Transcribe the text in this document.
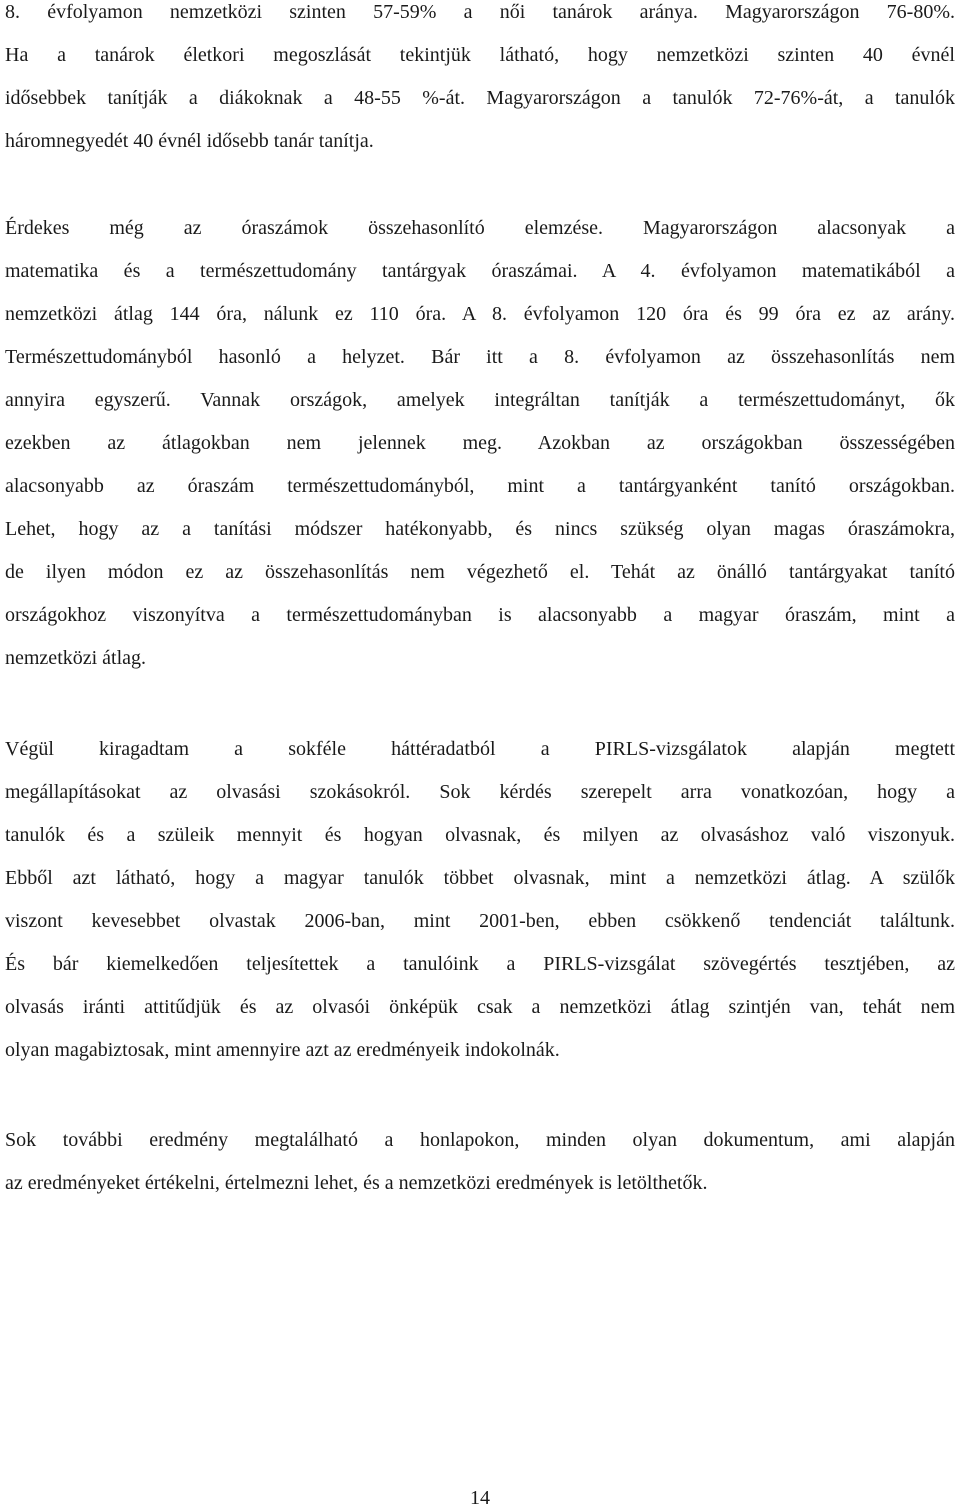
8. évfolyamon nemzetközi szinten 57-59% a női tanárok aránya. Magyarországon 76-80%.

Ha a tanárok életkori megoszlását tekintjük látható, hogy nemzetközi szinten 40 évnél

idősebbek tanítják a diákoknak a 48-55 %-át. Magyarországon a tanulók 72-76%-át, a tanulók

háromnegyedét 40 évnél idősebb tanár tanítja.

Érdekes még az óraszámok összehasonlító elemzése. Magyarországon alacsonyak a

matematika és a természettudomány tantárgyak óraszámai. A 4. évfolyamon matematikából a

nemzetközi átlag 144 óra, nálunk ez 110 óra. A 8. évfolyamon 120 óra és 99 óra ez az arány.

Természettudományból hasonló a helyzet. Bár itt a 8. évfolyamon az összehasonlítás nem

annyira egyszerű. Vannak országok, amelyek integráltan tanítják a természettudományt, ők

ezekben az átlagokban nem jelennek meg. Azokban az országokban összességében

alacsonyabb az óraszám természettudományból, mint a tantárgyanként tanító országokban.

Lehet, hogy az a tanítási módszer hatékonyabb, és nincs szükség olyan magas óraszámokra,

de ilyen módon ez az összehasonlítás nem végezhető el. Tehát az önálló tantárgyakat tanító

országokhoz viszonyítva a természettudományban is alacsonyabb a magyar óraszám, mint a

nemzetközi átlag.

Végül kiragadtam a sokféle háttéradatból a PIRLS-vizsgálatok alapján megtett

megállapításokat az olvasási szokásokról. Sok kérdés szerepelt arra vonatkozóan, hogy a

tanulók és a szüleik mennyit és hogyan olvasnak, és milyen az olvasáshoz való viszonyuk.

Ebből azt látható, hogy a magyar tanulók többet olvasnak, mint a nemzetközi átlag. A szülők

viszont kevesebbet olvastak 2006-ban, mint 2001-ben, ebben csökkenő tendenciát találtunk.

És bár kiemelkedően teljesítettek a tanulóink a PIRLS-vizsgálat szövegértés tesztjében, az

olvasás iránti attitűdjük és az olvasói önképük csak a nemzetközi átlag szintjén van, tehát nem

olyan magabiztosak, mint amennyire azt az eredményeik indokolnák.

Sok további eredmény megtalálható a honlapokon, minden olyan dokumentum, ami alapján

az eredményeket értékelni, értelmezni lehet, és a nemzetközi eredmények is letölthetők.

14
